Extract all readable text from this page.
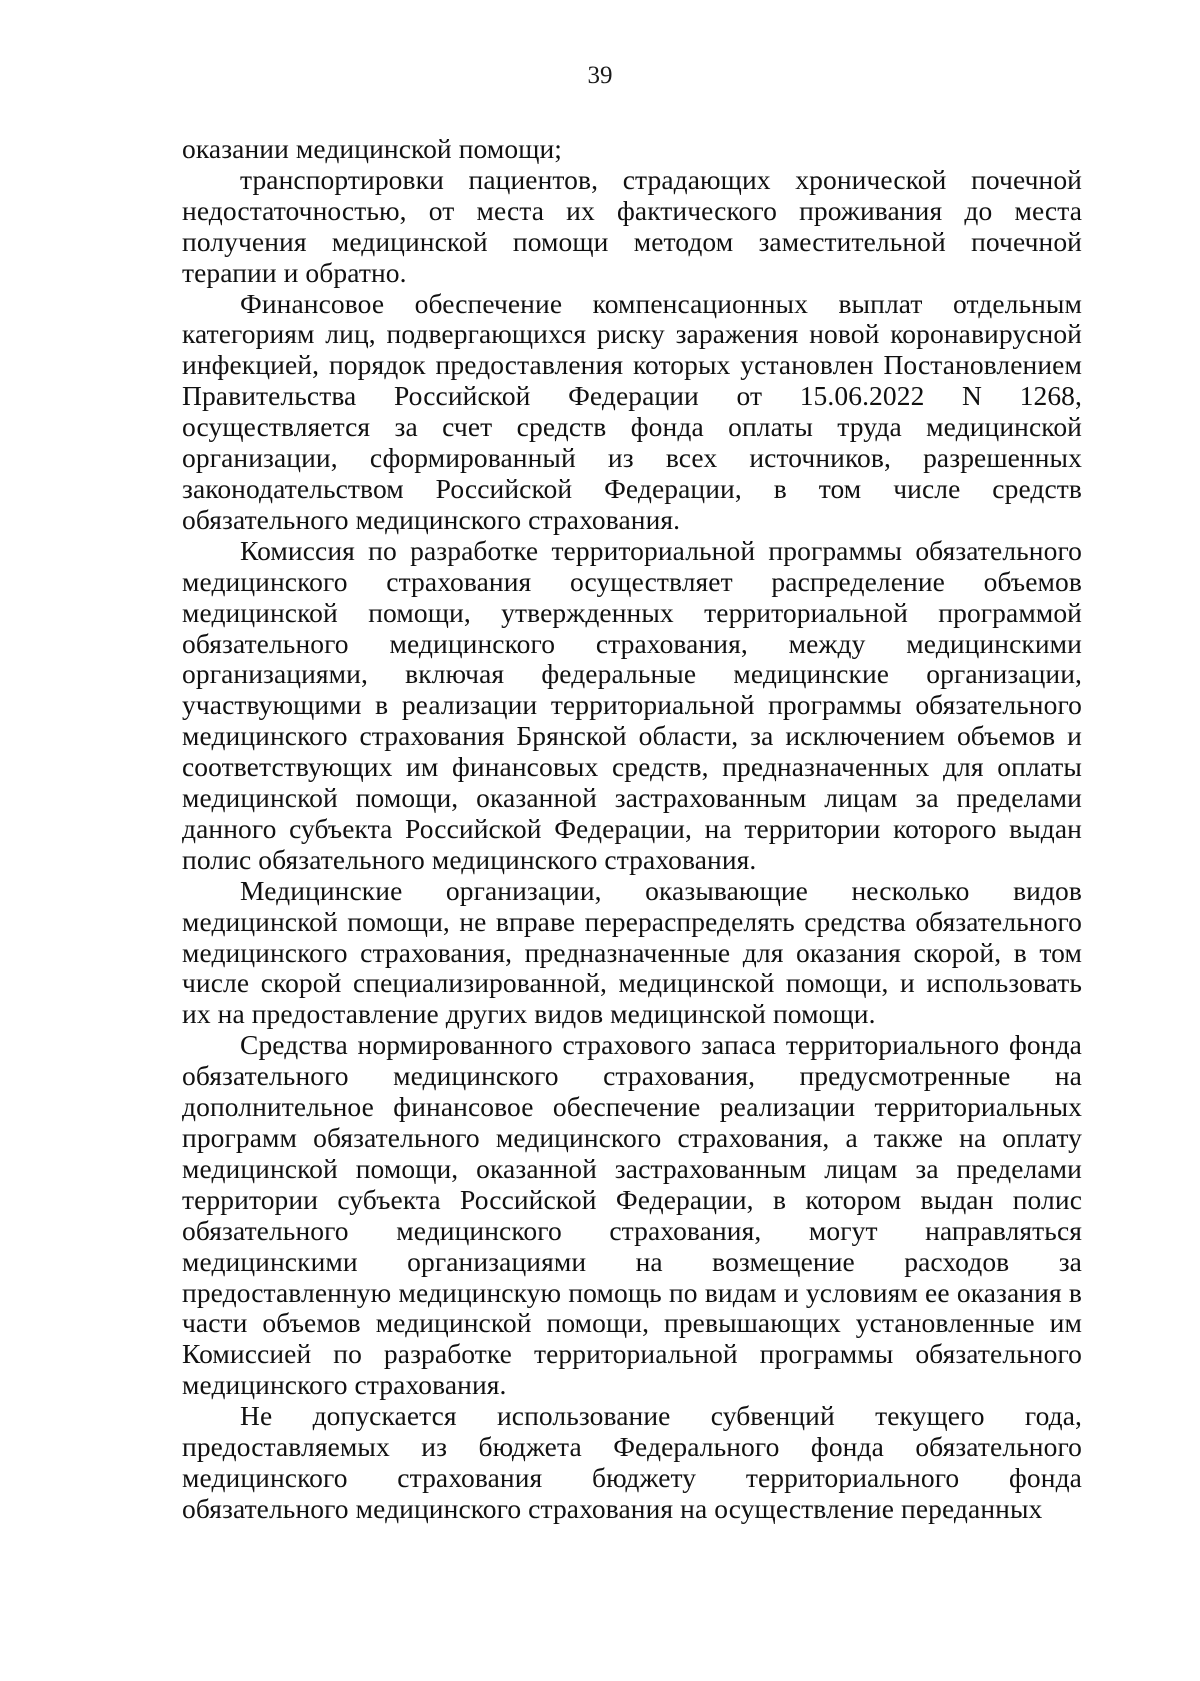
39

оказании медицинской помощи;

транспортировки пациентов, страдающих хронической почечной недостаточностью, от места их фактического проживания до места получения медицинской помощи методом заместительной почечной терапии и обратно.

Финансовое обеспечение компенсационных выплат отдельным категориям лиц, подвергающихся риску заражения новой коронавирусной инфекцией, порядок предоставления которых установлен Постановлением Правительства Российской Федерации от 15.06.2022 N 1268, осуществляется за счет средств фонда оплаты труда медицинской организации, сформированный из всех источников, разрешенных законодательством Российской Федерации, в том числе средств обязательного медицинского страхования.

Комиссия по разработке территориальной программы обязательного медицинского страхования осуществляет распределение объемов медицинской помощи, утвержденных территориальной программой обязательного медицинского страхования, между медицинскими организациями, включая федеральные медицинские организации, участвующими в реализации территориальной программы обязательного медицинского страхования Брянской области, за исключением объемов и соответствующих им финансовых средств, предназначенных для оплаты медицинской помощи, оказанной застрахованным лицам за пределами данного субъекта Российской Федерации, на территории которого выдан полис обязательного медицинского страхования.

Медицинские организации, оказывающие несколько видов медицинской помощи, не вправе перераспределять средства обязательного медицинского страхования, предназначенные для оказания скорой, в том числе скорой специализированной, медицинской помощи, и использовать их на предоставление других видов медицинской помощи.

Средства нормированного страхового запаса территориального фонда обязательного медицинского страхования, предусмотренные на дополнительное финансовое обеспечение реализации территориальных программ обязательного медицинского страхования, а также на оплату медицинской помощи, оказанной застрахованным лицам за пределами территории субъекта Российской Федерации, в котором выдан полис обязательного медицинского страхования, могут направляться медицинскими организациями на возмещение расходов за предоставленную медицинскую помощь по видам и условиям ее оказания в части объемов медицинской помощи, превышающих установленные им Комиссией по разработке территориальной программы обязательного медицинского страхования.

Не допускается использование субвенций текущего года, предоставляемых из бюджета Федерального фонда обязательного медицинского страхования бюджету территориального фонда обязательного медицинского страхования на осуществление переданных
